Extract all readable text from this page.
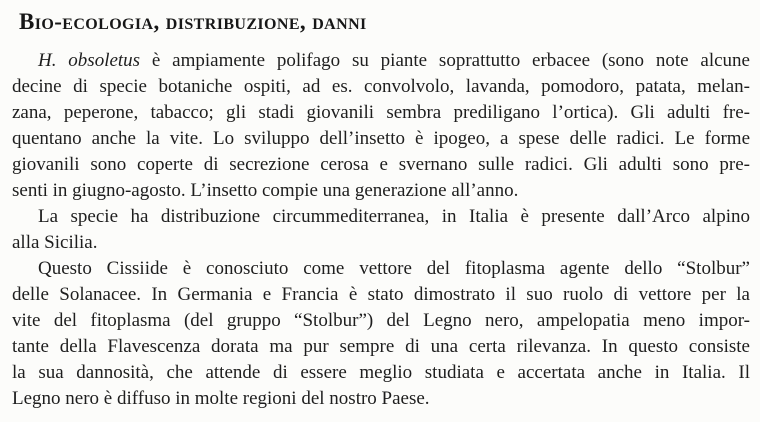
Bio-ecologia, distribuzione, danni
H. obsoletus è ampiamente polifago su piante soprattutto erbacee (sono note alcune
decine di specie botaniche ospiti, ad es. convolvolo, lavanda, pomodoro, patata, melan-
zana, peperone, tabacco; gli stadi giovanili sembra prediligano l’ortica). Gli adulti fre-
quentano anche la vite. Lo sviluppo dell’insetto è ipogeo, a spese delle radici. Le forme
giovanili sono coperte di secrezione cerosa e svernano sulle radici. Gli adulti sono pre-
senti in giugno-agosto. L’insetto compie una generazione all’anno.
La specie ha distribuzione circummediterranea, in Italia è presente dall’Arco alpino
alla Sicilia.
Questo Cissiide è conosciuto come vettore del fitoplasma agente dello “Stolbur”
delle Solanacee. In Germania e Francia è stato dimostrato il suo ruolo di vettore per la
vite del fitoplasma (del gruppo “Stolbur”) del Legno nero, ampelopatia meno impor-
tante della Flavescenza dorata ma pur sempre di una certa rilevanza. In questo consiste
la sua dannosità, che attende di essere meglio studiata e accertata anche in Italia. Il
Legno nero è diffuso in molte regioni del nostro Paese.
